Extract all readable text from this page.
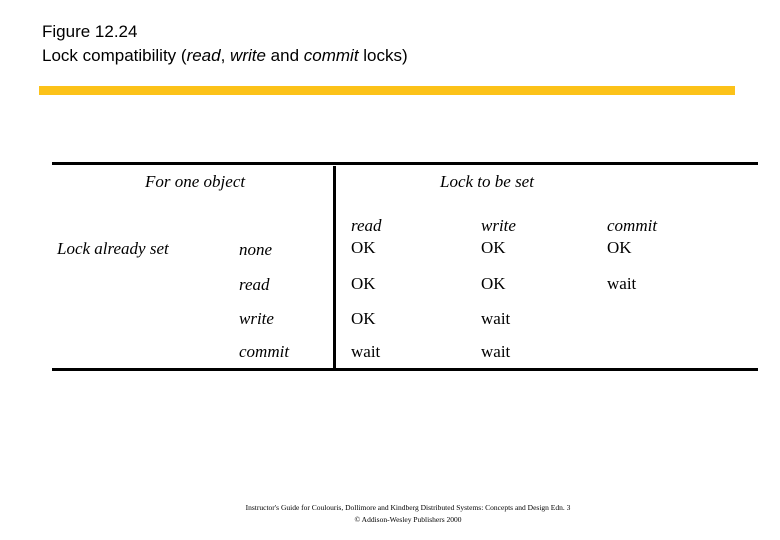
Figure 12.24
Lock compatibility (read, write and commit locks)
For one object	Lock to be set
read	write	commit
Lock already set	none	OK	OK	OK
read	OK	OK	wait
write	OK	wait
commit	wait	wait
Instructor's Guide for Coulouris, Dollimore and Kindberg Distributed Systems: Concepts and Design Edn. 3
© Addison-Wesley Publishers 2000
